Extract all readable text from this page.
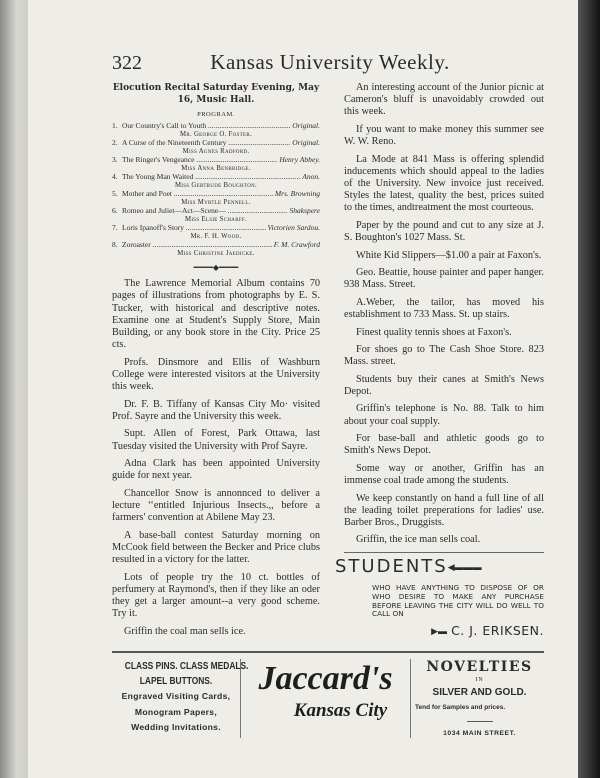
322	Kansas University Weekly.
Elocution Recital Saturday Evening, May 16, Music Hall.
PROGRAM.
1. Our Country's Call to Youth .....	Original.
Mr. George O. Foster.
2. A Curse of the Nineteenth Century .....	Original.
Miss Agnes Radford.
3. The Ringer's Vengeance .....	Henry Abbey.
Miss Anna Benbridge.
4. The Young Man Waited .....	Anon.
Miss Gertrude Boughton.
5. Mother and Poet .....	Mrs. Browning
Miss Myrtle Pennell.
6. Romeo and Juliet—Act—Scene— .....	Shakspere
Miss Elsie Scharff.
7. Loris Ipanoff's Story .....	Victorien Sardou.
Mr. F. H. Wood.
8. Zoroaster .....	F. M. Crawford
Miss Christine Jaedicke.
━━━━◆━━━━

The Lawrence Memorial Album contains 70 pages of illustrations from photographs by E. S. Tucker, with historical and descriptive notes. Examine one at Student's Supply Store, Main Building, or any book store in the City. Price 25 cts.

Profs. Dinsmore and Ellis of Washburn College were interested visitors at the University this week.

Dr. F. B. Tiffany of Kansas City Mo· visited Prof. Sayre and the University this week.

Supt. Allen of Forest, Park Ottawa, last Tuesday visited the University with Prof Sayre.

Adna Clark has been appointed University guide for next year.

Chancellor Snow is annonnced to deliver a lecture ‘‘entitled Injurious Insects.,, before a farmers' convention at Abilene May 23.

A base-ball contest Saturday morning on McCook field between the Becker and Price clubs resulted in a victory for the latter.

Lots of people try the 10 ct. bottles of perfumery at Raymond's, then if they like an oder they get a larger amount--a very good scheme. Try it.

Griffin the coal man sells ice.

An interesting account of the Junior picnic at Cameron's bluff is unavoidably crowded out this week.

If you want to make money this summer see W. W. Reno.

La Mode at 841 Mass is offering splendid inducements which should appeal to the ladies of the University. New invoice just received. Styles the latest, quality the best, prices suited to the times, andtreatment the most courteous.

Paper by the pound and cut to any size at J. S. Boughton's 1027 Mass. St.

White Kid Slippers—$1.00 a pair at Faxon's.

Geo. Beattie, house painter and paper hanger. 938 Mass. Street.

A.Weber, the tailor, has moved his establishment to 733 Mass. St. up stairs.

Finest quality tennis shoes at Faxon's.

For shoes go to The Cash Shoe Store. 823 Mass. street.

Students buy their canes at Smith's News Depot.

Griffin's telephone is No. 88. Talk to him about your coal supply.

For base-ball and athletic goods go to Smith's News Depot.

Some way or another, Griffin has an immense coal trade among the students.

We keep constantly on hand a full line of all the leading toilet preperations for ladies' use. Barber Bros., Druggists.

Griffin, the ice man sells coal.

STUDENTS ◀▬▬▬
WHO HAVE ANYTHING TO DISPOSE OF OR WHO DESIRE TO MAKE ANY PURCHASE BEFORE LEAVING THE CITY WILL DO WELL TO CALL ON
▶▬ C. J. ERIKSEN.
CLASS PINS. CLASS MEDALS.
LAPEL BUTTONS.
Engraved Visiting Cards,
Monogram Papers,
Wedding Invitations.
Jaccard's
Kansas City
NOVELTIES
IN
SILVER AND GOLD.
Tend for Samples and prices.
1034 MAIN STREET.
